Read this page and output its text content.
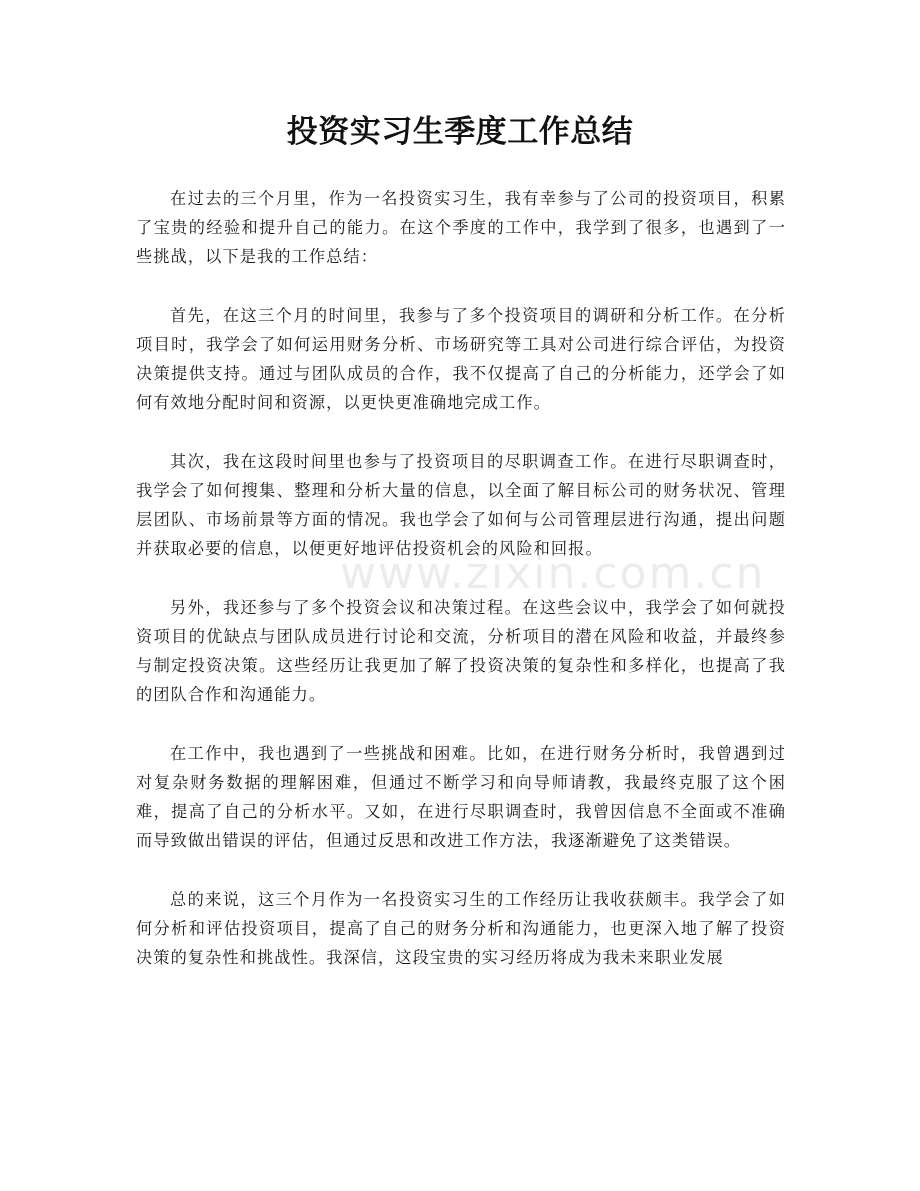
投资实习生季度工作总结

在过去的三个月里，作为一名投资实习生，我有幸参与了公司的投资项目，积累了宝贵的经验和提升自己的能力。在这个季度的工作中，我学到了很多，也遇到了一些挑战，以下是我的工作总结：

首先，在这三个月的时间里，我参与了多个投资项目的调研和分析工作。在分析项目时，我学会了如何运用财务分析、市场研究等工具对公司进行综合评估，为投资决策提供支持。通过与团队成员的合作，我不仅提高了自己的分析能力，还学会了如何有效地分配时间和资源，以更快更准确地完成工作。

其次，我在这段时间里也参与了投资项目的尽职调查工作。在进行尽职调查时，我学会了如何搜集、整理和分析大量的信息，以全面了解目标公司的财务状况、管理层团队、市场前景等方面的情况。我也学会了如何与公司管理层进行沟通，提出问题并获取必要的信息，以便更好地评估投资机会的风险和回报。

另外，我还参与了多个投资会议和决策过程。在这些会议中，我学会了如何就投资项目的优缺点与团队成员进行讨论和交流，分析项目的潜在风险和收益，并最终参与制定投资决策。这些经历让我更加了解了投资决策的复杂性和多样化，也提高了我的团队合作和沟通能力。

在工作中，我也遇到了一些挑战和困难。比如，在进行财务分析时，我曾遇到过对复杂财务数据的理解困难，但通过不断学习和向导师请教，我最终克服了这个困难，提高了自己的分析水平。又如，在进行尽职调查时，我曾因信息不全面或不准确而导致做出错误的评估，但通过反思和改进工作方法，我逐渐避免了这类错误。

总的来说，这三个月作为一名投资实习生的工作经历让我收获颇丰。我学会了如何分析和评估投资项目，提高了自己的财务分析和沟通能力，也更深入地了解了投资决策的复杂性和挑战性。我深信，这段宝贵的实习经历将成为我未来职业发展

www.zixin.com.cn
